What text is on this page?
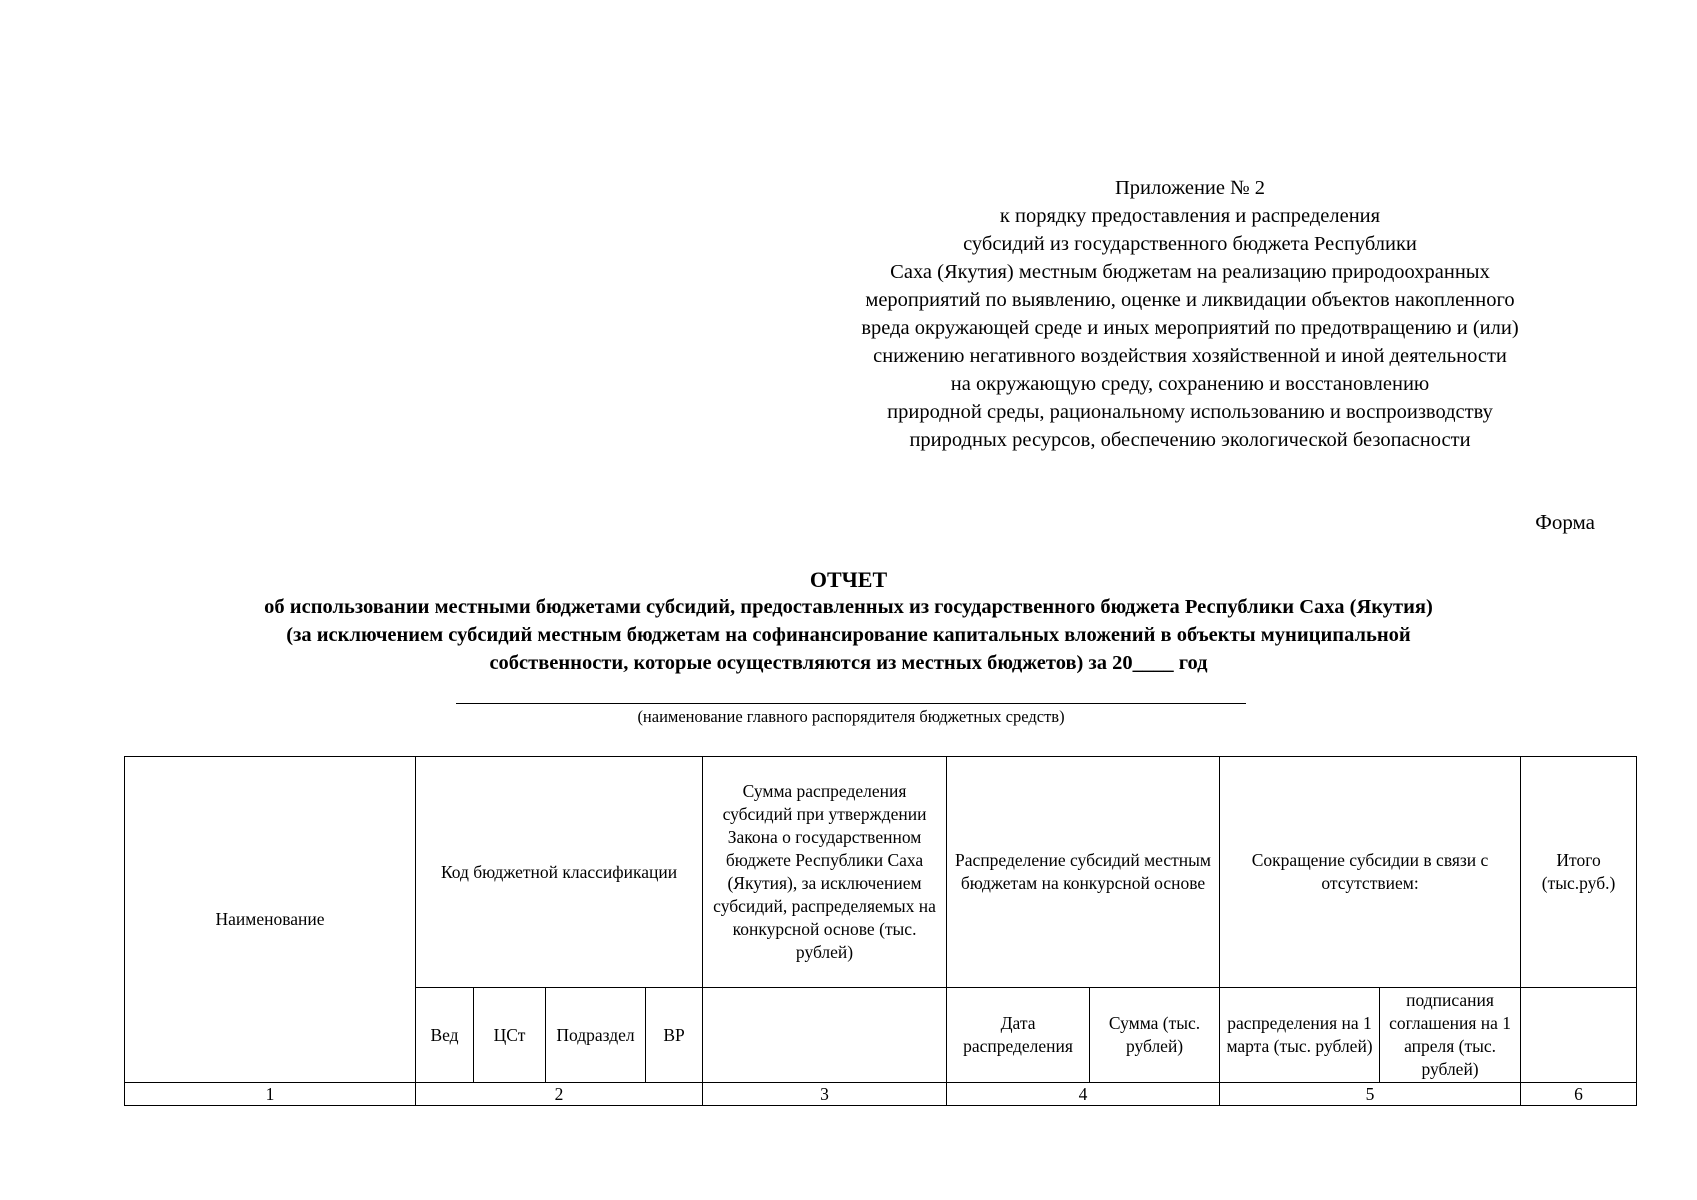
Приложение № 2
к порядку предоставления и распределения
субсидий из государственного бюджета Республики
Саха (Якутия) местным бюджетам на реализацию природоохранных
мероприятий по выявлению, оценке и ликвидации объектов накопленного
вреда окружающей среде и иных мероприятий по предотвращению и (или)
снижению негативного воздействия хозяйственной и иной деятельности
на окружающую среду, сохранению и восстановлению
природной среды, рациональному использованию и воспроизводству
природных ресурсов, обеспечению экологической безопасности
Форма
ОТЧЕТ
об использовании местными бюджетами субсидий, предоставленных из государственного бюджета Республики Саха (Якутия)
(за исключением субсидий местным бюджетам на софинансирование капитальных вложений в объекты муниципальной
собственности, которые осуществляются из местных бюджетов) за 20____ год
(наименование главного распорядителя бюджетных средств)
Наименование	Код бюджетной классификации				Сумма распределения субсидий при утверждении Закона о государственном бюджете Республики Саха (Якутия), за исключением субсидий, распределяемых на конкурсной основе (тыс. рублей)	Распределение субсидий местным бюджетам на конкурсной основе		Сокращение субсидии в связи с отсутствием:		Итого (тыс.руб.)
	Вед	ЦСт	Подраздел	ВР		Дата распределения	Сумма (тыс. рублей)	распределения на 1 марта (тыс. рублей)	подписания соглашения на 1 апреля (тыс. рублей)	
1	2				3	4		5		6
